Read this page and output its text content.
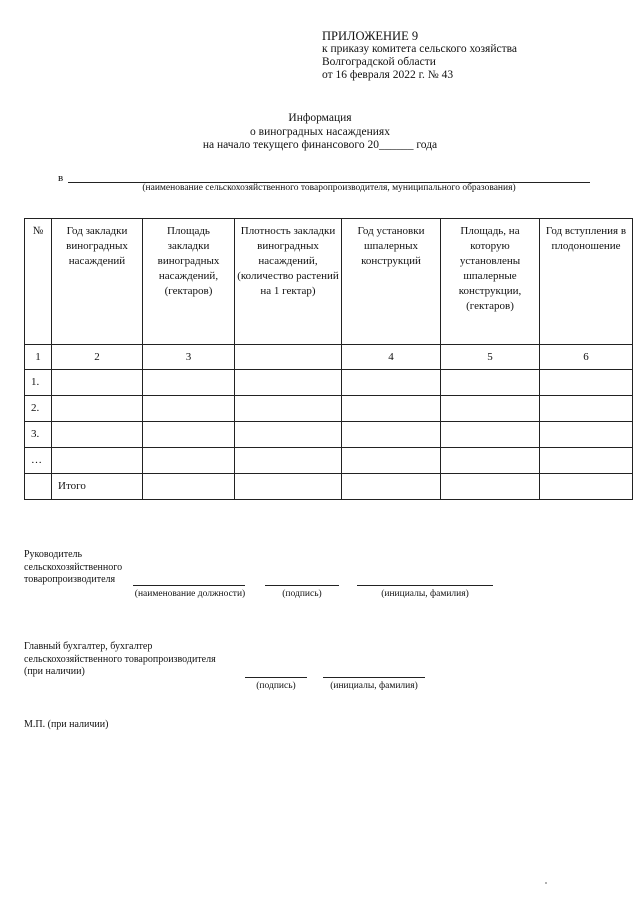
ПРИЛОЖЕНИЕ 9
к приказу комитета сельского хозяйства
Волгоградской области
от 16 февраля 2022 г. № 43
Информация
о виноградных насаждениях
на начало текущего финансового 20______ года
в
(наименование сельскохозяйственного товаропроизводителя, муниципального образования)
№	Год закладки виноградных насаждений	Площадь закладки виноградных насаждений, (гектаров)	Плотность закладки виноградных насаждений, (количество растений на 1 гектар)	Год установки шпалерных конструкций	Площадь, на которую установлены шпалерные конструкции, (гектаров)	Год вступления в плодоношение
1	2	3		4	5	6
1.						
2.						
3.						
…						
	Итого					
Руководитель
сельскохозяйственного
товаропроизводителя
(наименование должности)	(подпись)	(инициалы, фамилия)
Главный бухгалтер, бухгалтер
сельскохозяйственного товаропроизводителя
(при наличии)
(подпись)	(инициалы, фамилия)
М.П. (при наличии)
